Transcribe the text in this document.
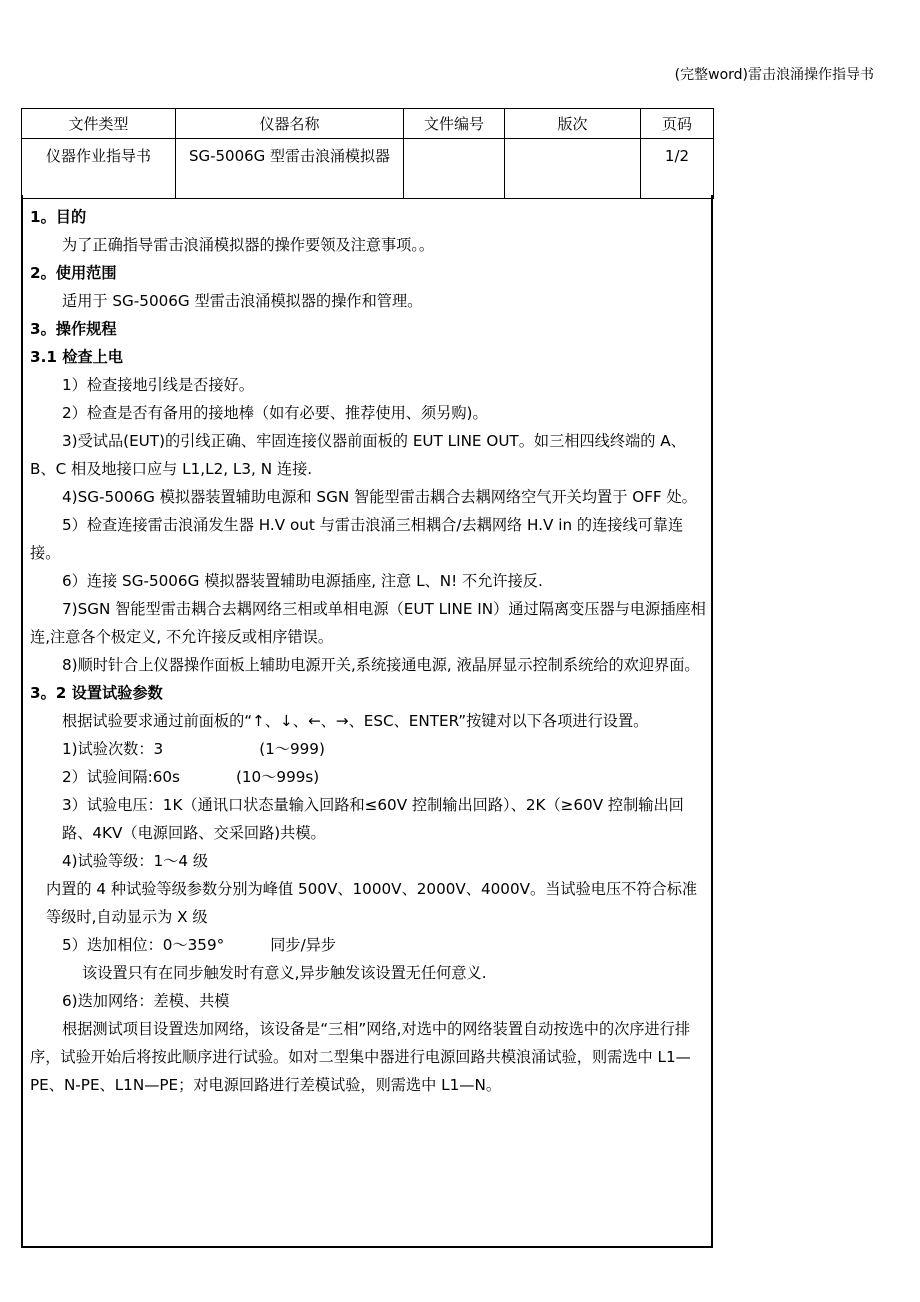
(完整word)雷击浪涌操作指导书
文件类型	仪器名称	文件编号	版次	页码
仪器作业指导书	SG-5006G 型雷击浪涌模拟器			1/2

1。目的

为了正确指导雷击浪涌模拟器的操作要领及注意事项。。

2。使用范围

适用于 SG-5006G 型雷击浪涌模拟器的操作和管理。

3。操作规程

3.1 检查上电

1）检查接地引线是否接好。

2）检查是否有备用的接地棒（如有必要、推荐使用、须另购)。

3)受试品(EUT)的引线正确、牢固连接仪器前面板的 EUT LINE OUT。如三相四线终端的 A、B、C 相及地接口应与 L1,L2, L3, N 连接.

4)SG-5006G 模拟器装置辅助电源和 SGN 智能型雷击耦合去耦网络空气开关均置于 OFF 处。

5）检查连接雷击浪涌发生器 H.V out 与雷击浪涌三相耦合/去耦网络 H.V in 的连接线可靠连接。

6）连接 SG-5006G 模拟器装置辅助电源插座, 注意 L、N! 不允许接反.

7)SGN 智能型雷击耦合去耦网络三相或单相电源（EUT LINE IN）通过隔离变压器与电源插座相连,注意各个极定义, 不允许接反或相序错误。

8)顺时针合上仪器操作面板上辅助电源开关,系统接通电源, 液晶屏显示控制系统给的欢迎界面。

3。2 设置试验参数

根据试验要求通过前面板的“↑、↓、←、→、ESC、ENTER”按键对以下各项进行设置。

1)试验次数：3	(1～999)

2）试验间隔:60s	(10～999s)

3）试验电压：1K（通讯口状态量输入回路和≤60V 控制输出回路）、2K（≥60V 控制输出回路、4KV（电源回路、交采回路)共模。

4)试验等级：1～4 级

内置的 4 种试验等级参数分别为峰值 500V、1000V、2000V、4000V。当试验电压不符合标准等级时,自动显示为 X 级

5）迭加相位：0～359°	同步/异步

该设置只有在同步触发时有意义,异步触发该设置无任何意义.

6)迭加网络：差模、共模

根据测试项目设置迭加网络，该设备是“三相”网络,对选中的网络装置自动按选中的次序进行排序，试验开始后将按此顺序进行试验。如对二型集中器进行电源回路共模浪涌试验，则需选中 L1—PE、N-PE、L1N—PE；对电源回路进行差模试验，则需选中 L1—N。
